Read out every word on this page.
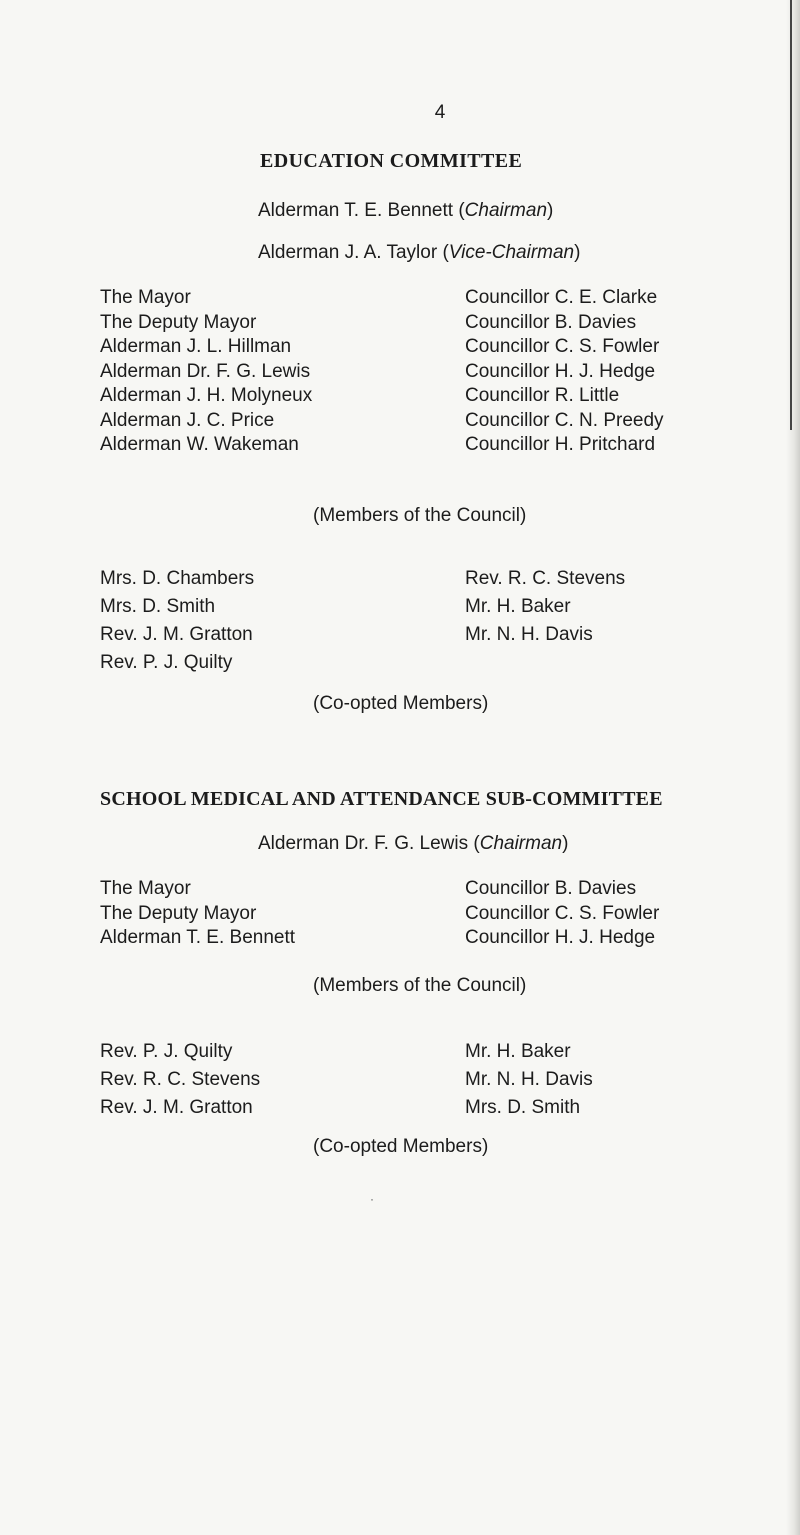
4
EDUCATION COMMITTEE
Alderman T. E. Bennett (Chairman)
Alderman J. A. Taylor (Vice-Chairman)
The Mayor
The Deputy Mayor
Alderman J. L. Hillman
Alderman Dr. F. G. Lewis
Alderman J. H. Molyneux
Alderman J. C. Price
Alderman W. Wakeman
Councillor C. E. Clarke
Councillor B. Davies
Councillor C. S. Fowler
Councillor H. J. Hedge
Councillor R. Little
Councillor C. N. Preedy
Councillor H. Pritchard
(Members of the Council)
Mrs. D. Chambers
Mrs. D. Smith
Rev. J. M. Gratton
Rev. P. J. Quilty
Rev. R. C. Stevens
Mr. H. Baker
Mr. N. H. Davis
(Co-opted Members)
SCHOOL MEDICAL AND ATTENDANCE SUB-COMMITTEE
Alderman Dr. F. G. Lewis (Chairman)
The Mayor
The Deputy Mayor
Alderman T. E. Bennett
Councillor B. Davies
Councillor C. S. Fowler
Councillor H. J. Hedge
(Members of the Council)
Rev. P. J. Quilty
Rev. R. C. Stevens
Rev. J. M. Gratton
Mr. H. Baker
Mr. N. H. Davis
Mrs. D. Smith
(Co-opted Members)
·
